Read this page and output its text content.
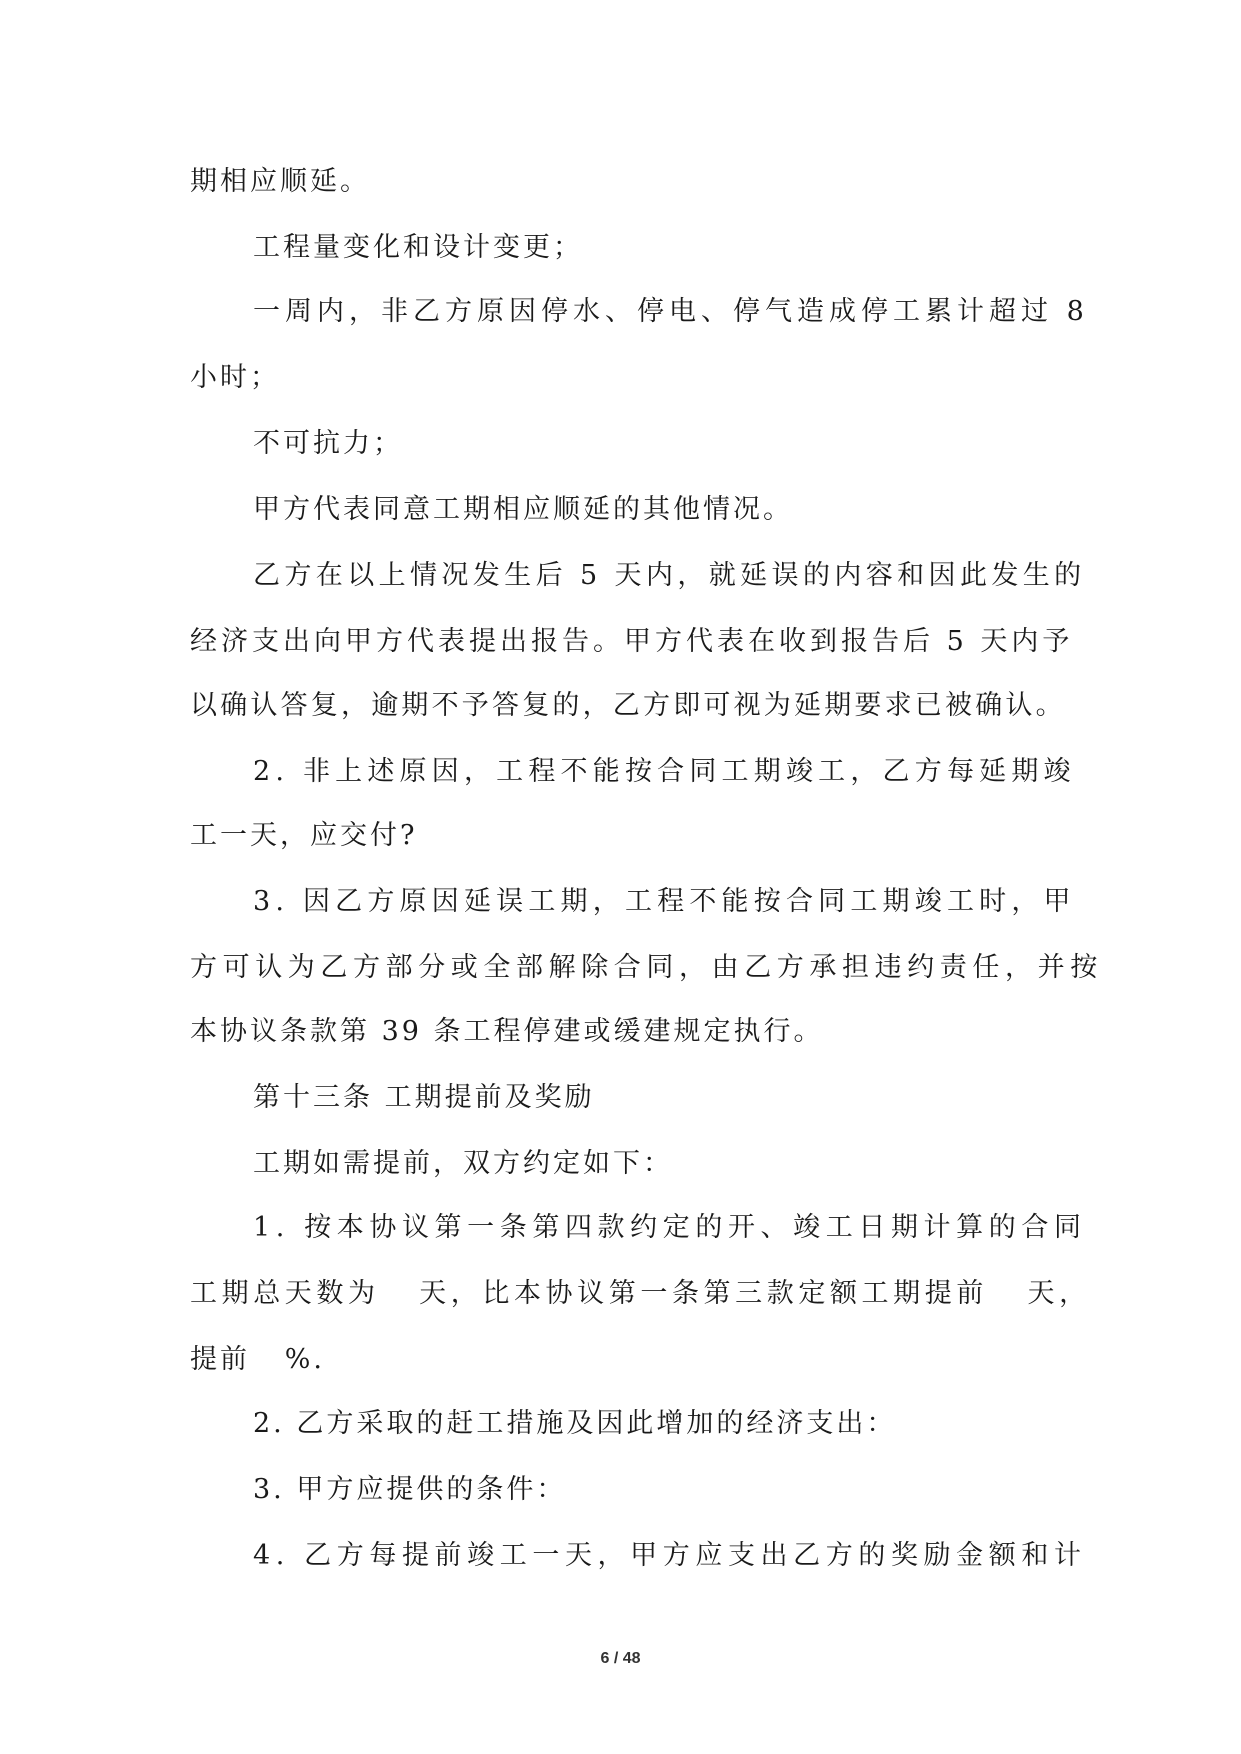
期相应顺延。
工程量变化和设计变更；
一周内，非乙方原因停水、停电、停气造成停工累计超过 8
小时；
不可抗力；
甲方代表同意工期相应顺延的其他情况。
乙方在以上情况发生后 5 天内，就延误的内容和因此发生的
经济支出向甲方代表提出报告。甲方代表在收到报告后 5 天内予
以确认答复，逾期不予答复的，乙方即可视为延期要求已被确认。
2. 非上述原因，工程不能按合同工期竣工，乙方每延期竣
工一天，应交付?
3. 因乙方原因延误工期，工程不能按合同工期竣工时，甲
方可认为乙方部分或全部解除合同，由乙方承担违约责任，并按
本协议条款第 39 条工程停建或缓建规定执行。
第十三条 工期提前及奖励
工期如需提前，双方约定如下：
1. 按本协议第一条第四款约定的开、竣工日期计算的合同
工期总天数为   天，比本协议第一条第三款定额工期提前   天，
提前   %.
2. 乙方采取的赶工措施及因此增加的经济支出：
3. 甲方应提供的条件：
4. 乙方每提前竣工一天，甲方应支出乙方的奖励金额和计
6 / 48
